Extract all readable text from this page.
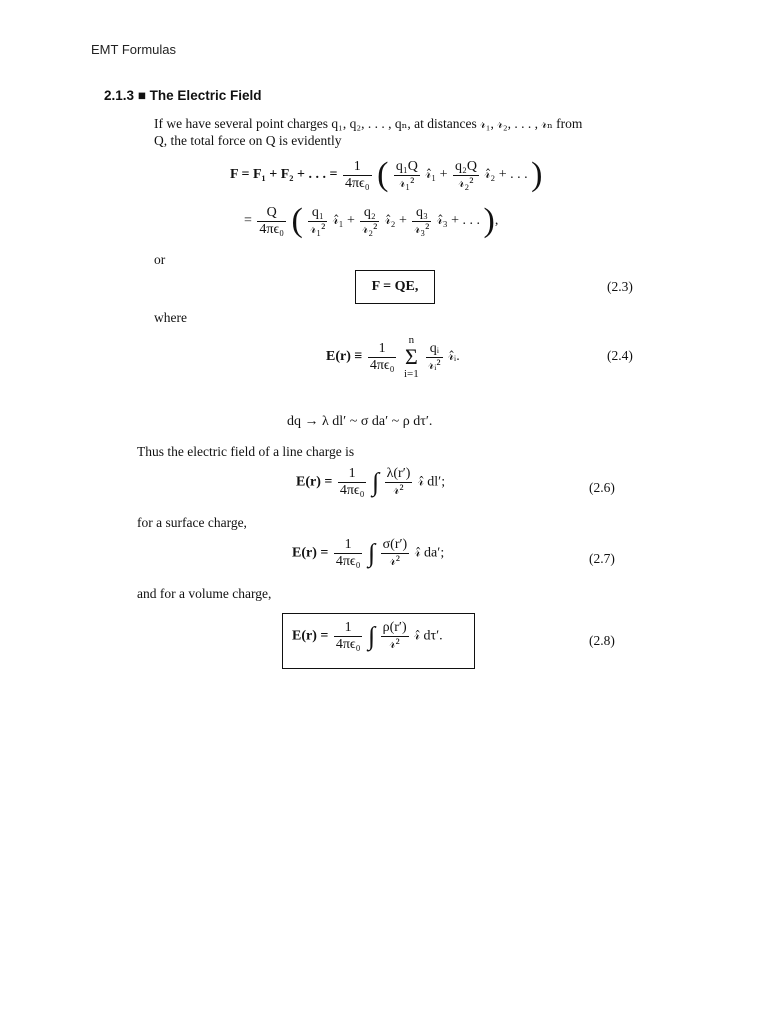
EMT Formulas
2.1.3 ■ The Electric Field
If we have several point charges q₁, q₂, . . . , qₙ, at distances 𝓇₁, 𝓇₂, . . . , 𝓇ₙ from
Q, the total force on Q is evidently
F = F₁ + F₂ + . . . = $\frac{1}{\text{4πϵ₀}}$ ( $\frac{\text{q₁Q}}{\text{𝓇₁²}}$ 𝓇̂₁ + $\frac{\text{q₂Q}}{\text{𝓇₂²}}$ 𝓇̂₂ + . . . )
= $\frac{Q}{\text{4πϵ₀}}$ ( $\frac{\text{q₁}}{\text{𝓇₁²}}$ 𝓇̂₁ + $\frac{\text{q₂}}{\text{𝓇₂²}}$ 𝓇̂₂ + $\frac{\text{q₃}}{\text{𝓇₃²}}$ 𝓇̂₃ + . . . ),
or
F = QE,	(2.3)
where
$E(r) \equiv \frac{1}{\text{4πϵ₀}}$
n
Σ
i=1
$\frac{\text{qᵢ}}{\text{𝓇ᵢ²}}$ 𝓇̂ᵢ.	(2.4)
dq → λ dl′ ~ σ da′ ~ ρ dτ′.
Thus the electric field of a line charge is
$E(r) = \frac{1}{\text{4πϵ₀}}$ ∫ $\frac{\lambda(r')}{\text{𝓇²}}$ 𝓇̂ dl′;	(2.6)
for a surface charge,
$E(r) = \frac{1}{\text{4πϵ₀}}$ ∫ $\frac{\sigma(r')}{\text{𝓇²}}$ 𝓇̂ da′;	(2.7)
and for a volume charge,
$E(r) = \frac{1}{\text{4πϵ₀}}$ ∫ $\frac{\rho(r')}{\text{𝓇²}}$ 𝓇̂ dτ′.	(2.8)
